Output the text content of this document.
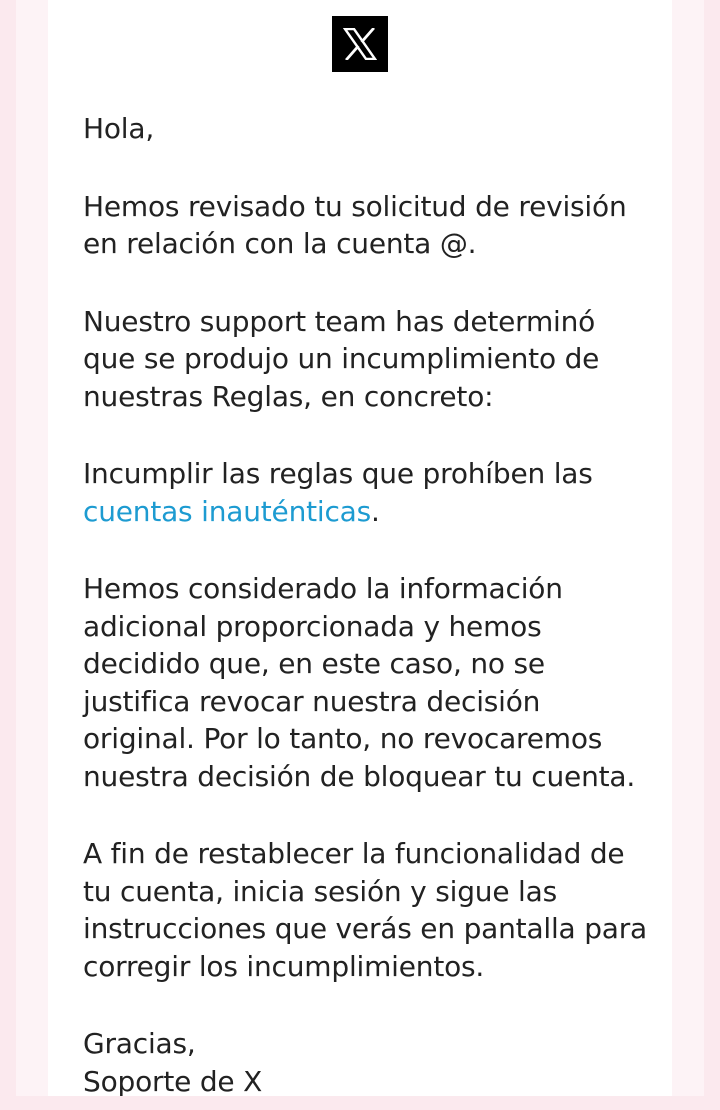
Hola,

Hemos revisado tu solicitud de revisión en relación con la cuenta @.

Nuestro support team has determinó que se produjo un incumplimiento de nuestras Reglas, en concreto:

Incumplir las reglas que prohíben las cuentas inauténticas.

Hemos considerado la información adicional proporcionada y hemos decidido que, en este caso, no se justifica revocar nuestra decisión original. Por lo tanto, no revocaremos nuestra decisión de bloquear tu cuenta.

A fin de restablecer la funcionalidad de tu cuenta, inicia sesión y sigue las instrucciones que verás en pantalla para corregir los incumplimientos.

Gracias,

Soporte de X
